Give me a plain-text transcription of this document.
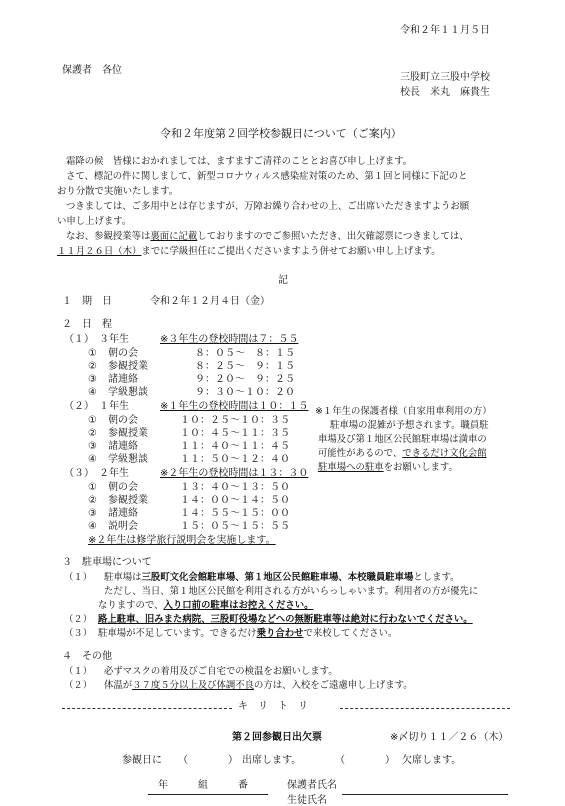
令和２年１１月５日
保護者　各位
三股町立三股中学校
校長　米丸　麻貴生
令和２年度第２回学校参観日について（ご案内）
霜降の候　皆様におかれましては、ますますご清祥のこととお喜び申し上げます。
さて、標記の件に関しまして、新型コロナウィルス感染症対策のため、第１回と同様に下記のと
おり分散で実施いたします。
つきましては、ご多用中とは存じますが、万障お繰り合わせの上、ご出席いただきますようお願
い申し上げます。
なお、参観授業等は裏面に記載しておりますのでご参照いただき、出欠確認票につきましては、
１１月２６日（木）までに学級担任にご提出くださいますよう併せてお願い申し上げます。
記
１　期　日	令和２年１２月４日（金）
２　日　程
（１）　３年生	※３年生の登校時間は７：５５
① 朝の会	８：０５～　８：１５
② 参観授業	８：２５～　９：１５
③ 諸連絡	９：２０～　９：２５
④ 学級懇談	９：３０～１０：２０
（２）　１年生	※１年生の登校時間は１０：１５
① 朝の会	１０：２５～１０：３５
② 参観授業	１０：４５～１１：３５
③ 諸連絡	１１：４０～１１：４５
④ 学級懇談	１１：５０～１２：４０
（３）　２年生	※２年生の登校時間は１３：３０
① 朝の会	１３：４０～１３：５０
② 参観授業	１４：００～１４：５０
③ 諸連絡	１４：５５～１５：００
④ 説明会	１５：０５～１５：５５
※２年生は修学旅行説明会を実施します。
※１年生の保護者様（自家用車利用の方）
駐車場の混雑が予想されます。職員駐
車場及び第１地区公民館駐車場は満車の
可能性があるので、できるだけ文化会館
駐車場への駐車をお願いします。
３　駐車場について
（１） 駐車場は三股町文化会館駐車場、第１地区公民館駐車場、本校職員駐車場とします。
ただし、当日、第１地区公民館を利用される方がいらっしゃいます。利用者の方が優先に
なりますので、入り口前の駐車はお控えください。
（２） 路上駐車、旧みまた病院、三股町役場などへの無断駐車等は絶対に行わないでください。
（３） 駐車場が不足しています。できるだけ乗り合わせで来校してください。
４　その他
（１） 必ずマスクの着用及びご自宅での検温をお願いします。
（２） 体温が３７度５分以上及び体調不良の方は、入校をご遠慮申し上げます。
キ　リ　ト　リ
第２回参観日出欠票	※〆切り１１／２６（木）
参観日に （　　　　） 出席します。	（　　　　） 欠席します。
年　　　組　　　番	保護者氏名
生徒氏名
